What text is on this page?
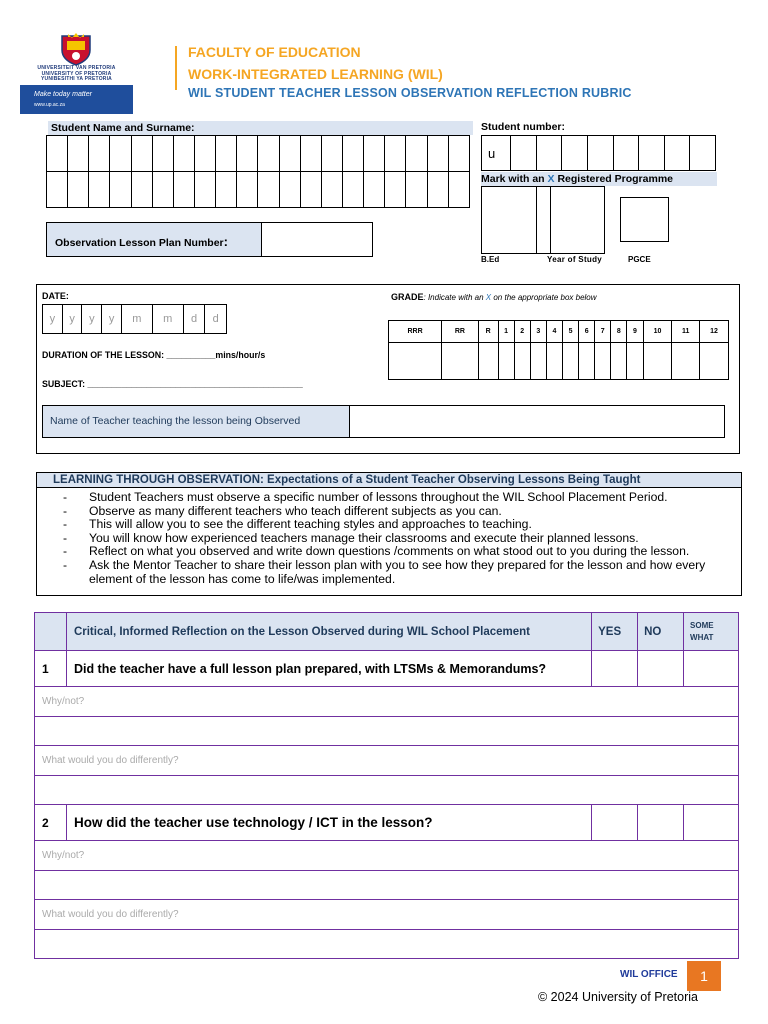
UNIVERSITEIT VAN PRETORIA
UNIVERSITY OF PRETORIA
YUNIBESITHI YA PRETORIA
Make today matter
www.up.ac.za
FACULTY OF EDUCATION
WORK-INTEGRATED LEARNING (WIL)
WIL STUDENT TEACHER LESSON OBSERVATION REFLECTION RUBRIC
Student Name and Surname:

																				Student number:
u								
Mark with an X Registered Programme
B.Ed	Year of Study	PGCE
Observation Lesson Plan Number:
DATE:
y	y	y	y	m	m	d	d
GRADE: Indicate with an X on the appropriate box below
RRR	RR	R	1	2	3	4	5	6	7	8	9	10	11	12

DURATION OF THE LESSON: __________mins/hour/s
SUBJECT: ____________________________________________
Name of Teacher teaching the lesson being Observed
LEARNING THROUGH OBSERVATION: Expectations of a Student Teacher Observing Lessons Being Taught
- Student Teachers must observe a specific number of lessons throughout the WIL School Placement Period.
- Observe as many different teachers who teach different subjects as you can.
- This will allow you to see the different teaching styles and approaches to teaching.
- You will know how experienced teachers manage their classrooms and execute their planned lessons.
- Reflect on what you observed and write down questions /comments on what stood out to you during the lesson.
- Ask the Mentor Teacher to share their lesson plan with you to see how they prepared for the lesson and how every element of the lesson has come to life/was implemented.
	Critical, Informed Reflection on the Lesson Observed during WIL School Placement	YES	NO	SOME
WHAT

1	Did the teacher have a full lesson plan prepared, with LTSMs & Memorandums?			
Why/not?				

What would you do differently?				

2	How did the teacher use technology / ICT in the lesson?			
Why/not?				

What would you do differently?				

WIL OFFICE	1
© 2024 University of Pretoria
